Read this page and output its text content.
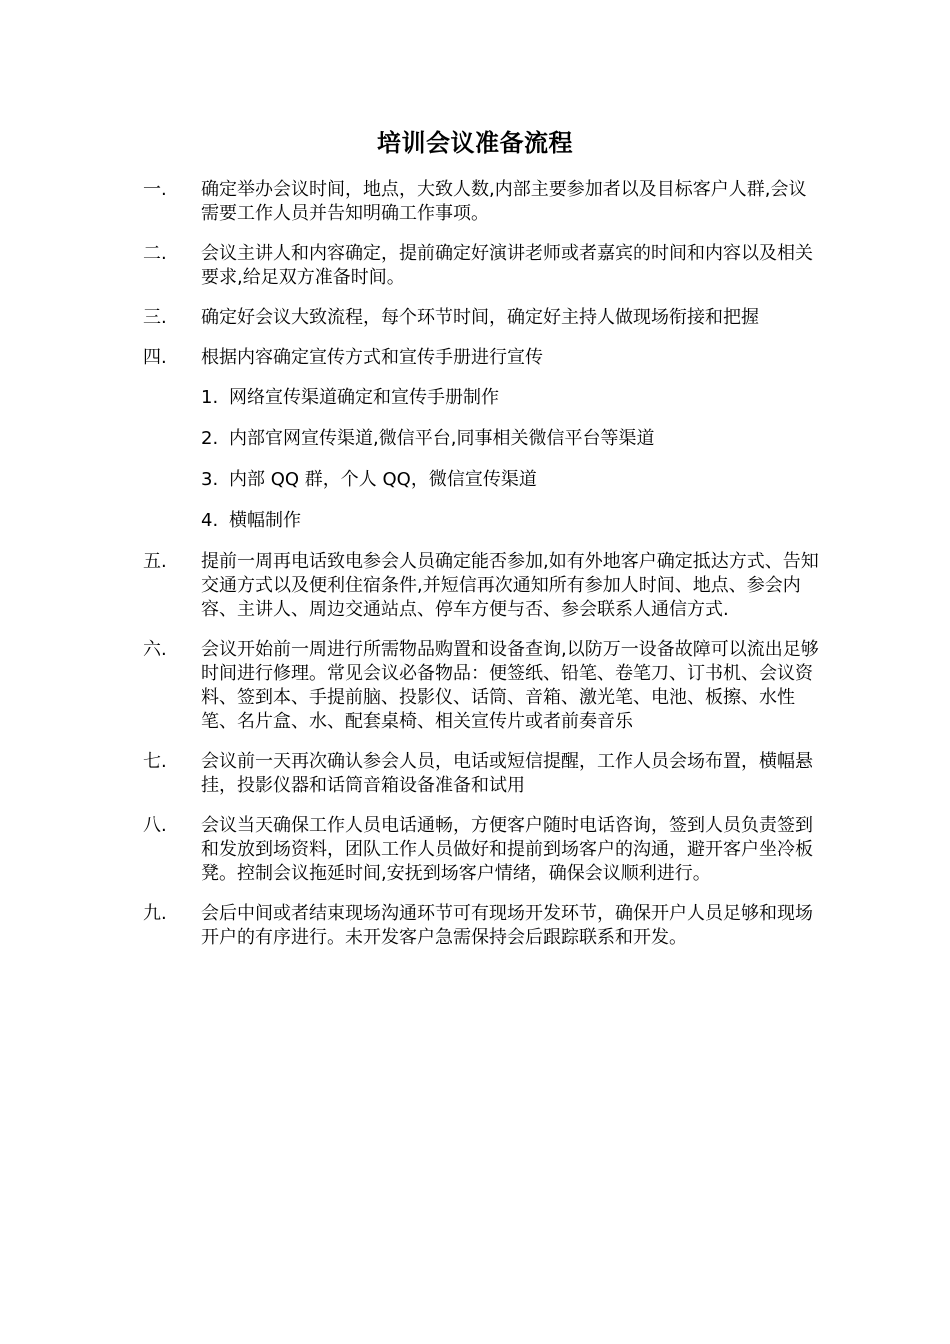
培训会议准备流程
一.	确定举办会议时间，地点，大致人数,内部主要参加者以及目标客户人群,会议需要工作人员并告知明确工作事项。
二.	会议主讲人和内容确定，提前确定好演讲老师或者嘉宾的时间和内容以及相关要求,给足双方准备时间。
三.	确定好会议大致流程，每个环节时间，确定好主持人做现场衔接和把握
四.	根据内容确定宣传方式和宣传手册进行宣传
1. 网络宣传渠道确定和宣传手册制作
2. 内部官网宣传渠道,微信平台,同事相关微信平台等渠道
3. 内部 QQ 群，个人 QQ，微信宣传渠道
4. 横幅制作
五.	提前一周再电话致电参会人员确定能否参加,如有外地客户确定抵达方式、告知交通方式以及便利住宿条件,并短信再次通知所有参加人时间、地点、参会内容、主讲人、周边交通站点、停车方便与否、参会联系人通信方式.
六.	会议开始前一周进行所需物品购置和设备查询,以防万一设备故障可以流出足够时间进行修理。常见会议必备物品：便签纸、铅笔、卷笔刀、订书机、会议资料、签到本、手提前脑、投影仪、话筒、音箱、激光笔、电池、板擦、水性笔、名片盒、水、配套桌椅、相关宣传片或者前奏音乐
七.	会议前一天再次确认参会人员，电话或短信提醒，工作人员会场布置，横幅悬挂，投影仪器和话筒音箱设备准备和试用
八.	会议当天确保工作人员电话通畅，方便客户随时电话咨询，签到人员负责签到和发放到场资料，团队工作人员做好和提前到场客户的沟通，避开客户坐冷板凳。控制会议拖延时间,安抚到场客户情绪，确保会议顺利进行。
九.	会后中间或者结束现场沟通环节可有现场开发环节，确保开户人员足够和现场开户的有序进行。未开发客户急需保持会后跟踪联系和开发。
